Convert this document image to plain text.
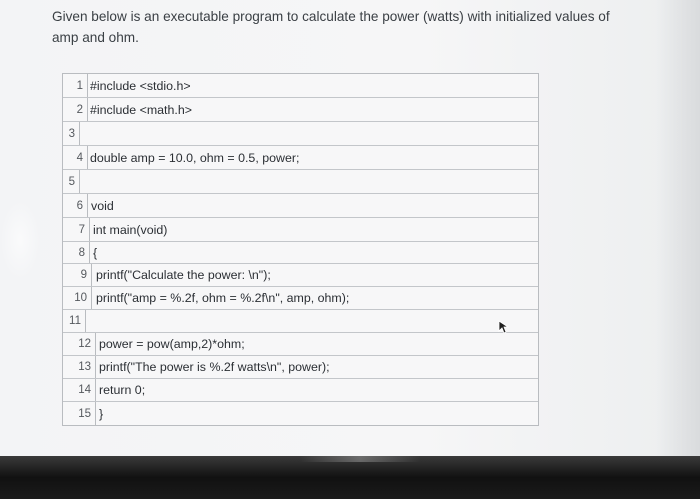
Given below is an executable program to calculate the power (watts) with initialized values of
amp and ohm.
1 #include <stdio.h>
2 #include <math.h>
3
4 double amp = 10.0, ohm = 0.5, power;
5
6 void
7 int main(void)
8 {
9 printf("Calculate the power: \n");
10 printf("amp = %.2f, ohm = %.2f\n", amp, ohm);
11
12 power = pow(amp,2)*ohm;
13 printf("The power is %.2f watts\n", power);
14 return 0;
15 }
